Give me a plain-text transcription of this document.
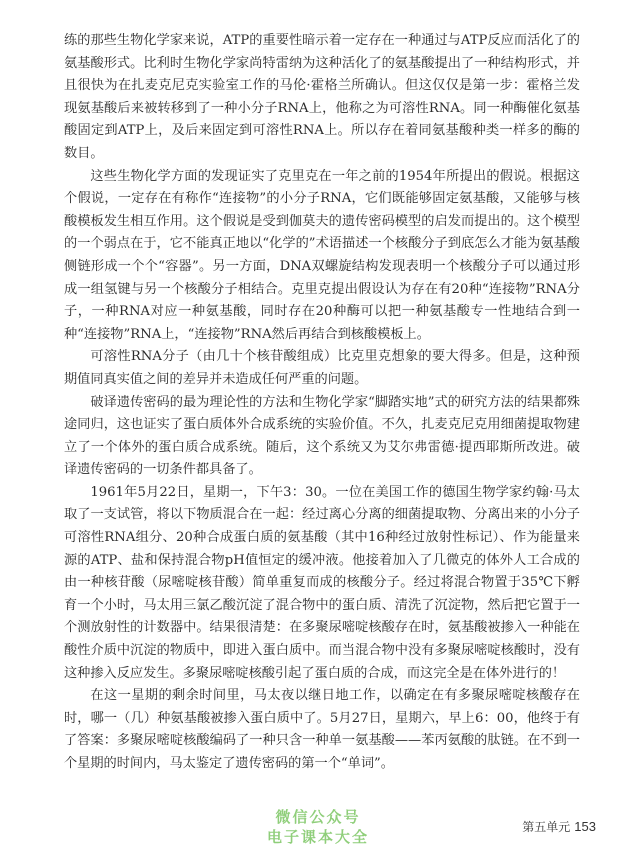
练的那些生物化学家来说，ATP的重要性暗示着一定存在一种通过与ATP反应而活化了的氨基酸形式。比利时生物化学家尚特雷纳为这种活化了的氨基酸提出了一种结构形式，并且很快为在扎麦克尼克实验室工作的马伦·霍格兰所确认。但这仅仅是第一步：霍格兰发现氨基酸后来被转移到了一种小分子RNA上，他称之为可溶性RNA。同一种酶催化氨基酸固定到ATP上，及后来固定到可溶性RNA上。所以存在着同氨基酸种类一样多的酶的数目。

这些生物化学方面的发现证实了克里克在一年之前的1954年所提出的假说。根据这个假说，一定存在有称作“连接物”的小分子RNA，它们既能够固定氨基酸，又能够与核酸模板发生相互作用。这个假说是受到伽莫夫的遗传密码模型的启发而提出的。这个模型的一个弱点在于，它不能真正地以“化学的”术语描述一个核酸分子到底怎么才能为氨基酸侧链形成一个个“容器”。另一方面，DNA双螺旋结构发现表明一个核酸分子可以通过形成一组氢键与另一个核酸分子相结合。克里克提出假设认为存在有20种“连接物”RNA分子，一种RNA对应一种氨基酸，同时存在20种酶可以把一种氨基酸专一性地结合到一种“连接物”RNA上，“连接物”RNA然后再结合到核酸模板上。

可溶性RNA分子（由几十个核苷酸组成）比克里克想象的要大得多。但是，这种预期值同真实值之间的差异并未造成任何严重的问题。

破译遗传密码的最为理论性的方法和生物化学家“脚踏实地”式的研究方法的结果都殊途同归，这也证实了蛋白质体外合成系统的实验价值。不久，扎麦克尼克用细菌提取物建立了一个体外的蛋白质合成系统。随后，这个系统又为艾尔弗雷德·提西耶斯所改进。破译遗传密码的一切条件都具备了。

1961年5月22日，星期一，下午3：30。一位在美国工作的德国生物学家约翰·马太取了一支试管，将以下物质混合在一起：经过离心分离的细菌提取物、分离出来的小分子可溶性RNA组分、20种合成蛋白质的氨基酸（其中16种经过放射性标记）、作为能量来源的ATP、盐和保持混合物pH值恒定的缓冲液。他接着加入了几微克的体外人工合成的由一种核苷酸（尿嘧啶核苷酸）简单重复而成的核酸分子。经过将混合物置于35℃下孵育一个小时，马太用三氯乙酸沉淀了混合物中的蛋白质、清洗了沉淀物，然后把它置于一个测放射性的计数器中。结果很清楚：在多聚尿嘧啶核酸存在时，氨基酸被掺入一种能在酸性介质中沉淀的物质中，即进入蛋白质中。而当混合物中没有多聚尿嘧啶核酸时，没有这种掺入反应发生。多聚尿嘧啶核酸引起了蛋白质的合成，而这完全是在体外进行的！

在这一星期的剩余时间里，马太夜以继日地工作，以确定在有多聚尿嘧啶核酸存在时，哪一（几）种氨基酸被掺入蛋白质中了。5月27日，星期六，早上6：00，他终于有了答案：多聚尿嘧啶核酸编码了一种只含一种单一氨基酸——苯丙氨酸的肽链。在不到一个星期的时间内，马太鉴定了遗传密码的第一个“单词”。

微信公众号
电子课本大全
第五单元 153
